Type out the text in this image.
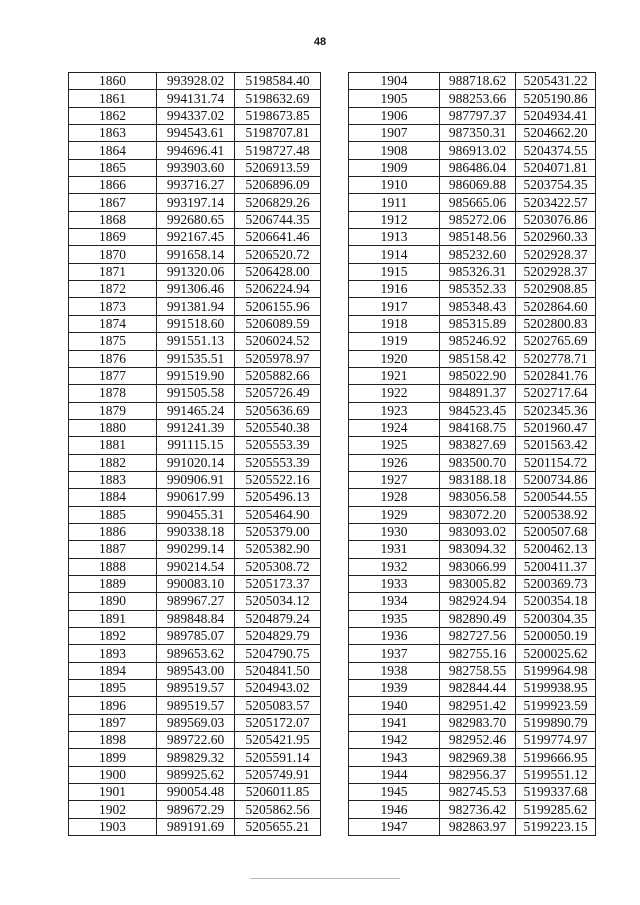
48
1860	993928.02	5198584.40
1861	994131.74	5198632.69
1862	994337.02	5198673.85
1863	994543.61	5198707.81
1864	994696.41	5198727.48
1865	993903.60	5206913.59
1866	993716.27	5206896.09
1867	993197.14	5206829.26
1868	992680.65	5206744.35
1869	992167.45	5206641.46
1870	991658.14	5206520.72
1871	991320.06	5206428.00
1872	991306.46	5206224.94
1873	991381.94	5206155.96
1874	991518.60	5206089.59
1875	991551.13	5206024.52
1876	991535.51	5205978.97
1877	991519.90	5205882.66
1878	991505.58	5205726.49
1879	991465.24	5205636.69
1880	991241.39	5205540.38
1881	991115.15	5205553.39
1882	991020.14	5205553.39
1883	990906.91	5205522.16
1884	990617.99	5205496.13
1885	990455.31	5205464.90
1886	990338.18	5205379.00
1887	990299.14	5205382.90
1888	990214.54	5205308.72
1889	990083.10	5205173.37
1890	989967.27	5205034.12
1891	989848.84	5204879.24
1892	989785.07	5204829.79
1893	989653.62	5204790.75
1894	989543.00	5204841.50
1895	989519.57	5204943.02
1896	989519.57	5205083.57
1897	989569.03	5205172.07
1898	989722.60	5205421.95
1899	989829.32	5205591.14
1900	989925.62	5205749.91
1901	990054.48	5206011.85
1902	989672.29	5205862.56
1903	989191.69	5205655.21
1904	988718.62	5205431.22
1905	988253.66	5205190.86
1906	987797.37	5204934.41
1907	987350.31	5204662.20
1908	986913.02	5204374.55
1909	986486.04	5204071.81
1910	986069.88	5203754.35
1911	985665.06	5203422.57
1912	985272.06	5203076.86
1913	985148.56	5202960.33
1914	985232.60	5202928.37
1915	985326.31	5202928.37
1916	985352.33	5202908.85
1917	985348.43	5202864.60
1918	985315.89	5202800.83
1919	985246.92	5202765.69
1920	985158.42	5202778.71
1921	985022.90	5202841.76
1922	984891.37	5202717.64
1923	984523.45	5202345.36
1924	984168.75	5201960.47
1925	983827.69	5201563.42
1926	983500.70	5201154.72
1927	983188.18	5200734.86
1928	983056.58	5200544.55
1929	983072.20	5200538.92
1930	983093.02	5200507.68
1931	983094.32	5200462.13
1932	983066.99	5200411.37
1933	983005.82	5200369.73
1934	982924.94	5200354.18
1935	982890.49	5200304.35
1936	982727.56	5200050.19
1937	982755.16	5200025.62
1938	982758.55	5199964.98
1939	982844.44	5199938.95
1940	982951.42	5199923.59
1941	982983.70	5199890.79
1942	982952.46	5199774.97
1943	982969.38	5199666.95
1944	982956.37	5199551.12
1945	982745.53	5199337.68
1946	982736.42	5199285.62
1947	982863.97	5199223.15
